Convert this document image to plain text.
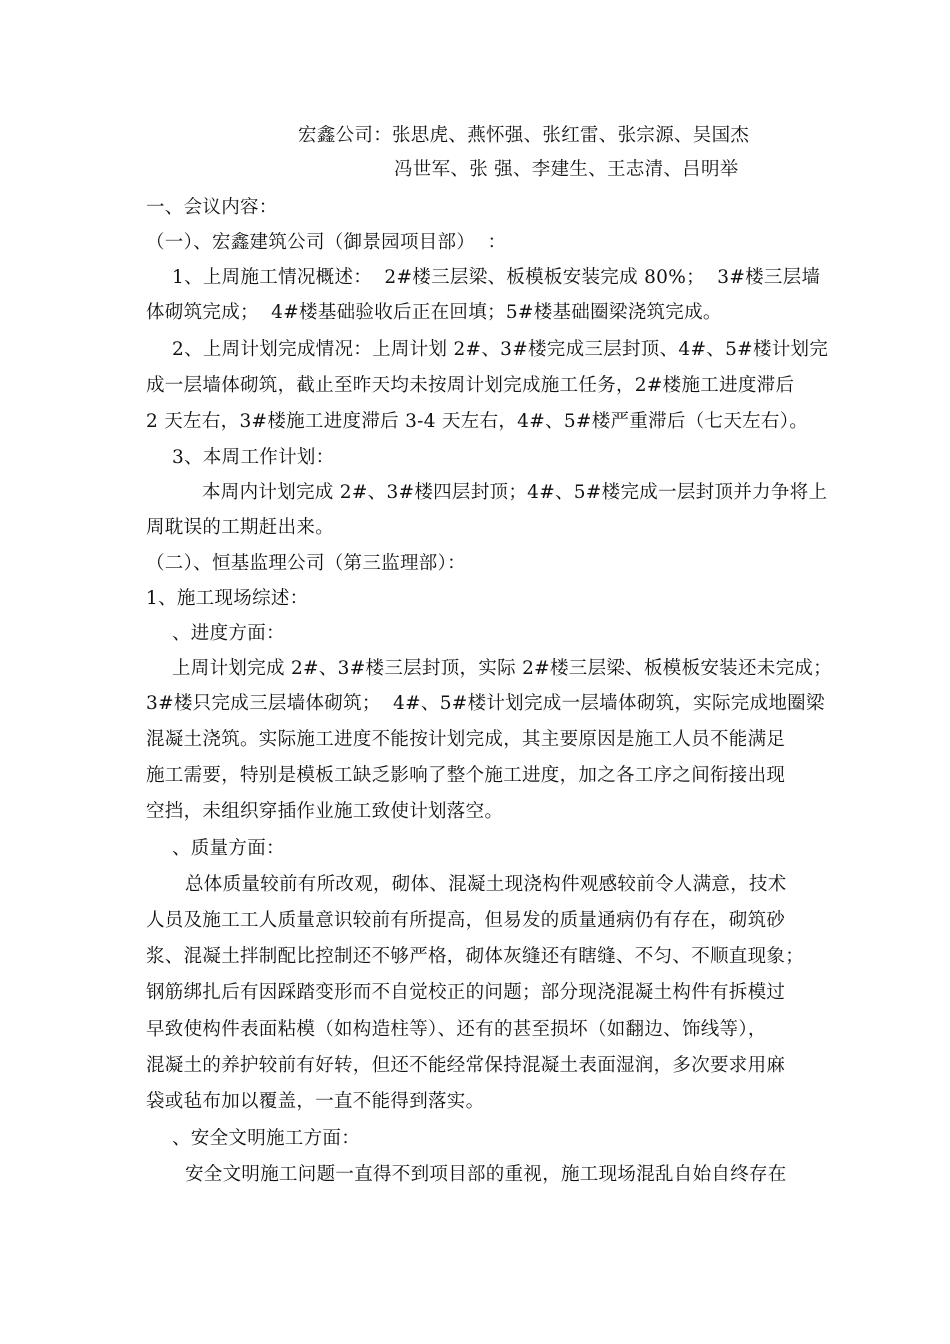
宏鑫公司：张思虎、燕怀强、张红雷、张宗源、吴国杰
冯世军、张 强、李建生、王志清、吕明举
一、会议内容：
（一）、宏鑫建筑公司（御景园项目部）  ：
1、上周施工情况概述：  2#楼三层梁、板模板安装完成 80%；  3#楼三层墙
体砌筑完成；  4#楼基础验收后正在回填；5#楼基础圈梁浇筑完成。
2、上周计划完成情况：上周计划 2#、3#楼完成三层封顶、4#、5#楼计划完
成一层墙体砌筑，截止至昨天均未按周计划完成施工任务，2#楼施工进度滞后
2 天左右，3#楼施工进度滞后 3-4 天左右，4#、5#楼严重滞后（七天左右）。
3、本周工作计划：
本周内计划完成 2#、3#楼四层封顶；4#、5#楼完成一层封顶并力争将上
周耽误的工期赶出来。
（二）、恒基监理公司（第三监理部）：
1、施工现场综述：
、进度方面：
上周计划完成 2#、3#楼三层封顶，实际 2#楼三层梁、板模板安装还未完成；
3#楼只完成三层墙体砌筑；  4#、5#楼计划完成一层墙体砌筑，实际完成地圈梁
混凝土浇筑。实际施工进度不能按计划完成，其主要原因是施工人员不能满足
施工需要，特别是模板工缺乏影响了整个施工进度，加之各工序之间衔接出现
空挡，未组织穿插作业施工致使计划落空。
、质量方面：
总体质量较前有所改观，砌体、混凝土现浇构件观感较前令人满意，技术
人员及施工工人质量意识较前有所提高，但易发的质量通病仍有存在，砌筑砂
浆、混凝土拌制配比控制还不够严格，砌体灰缝还有瞎缝、不匀、不顺直现象；
钢筋绑扎后有因踩踏变形而不自觉校正的问题；部分现浇混凝土构件有拆模过
早致使构件表面粘模（如构造柱等）、还有的甚至损坏（如翻边、饰线等），
混凝土的养护较前有好转，但还不能经常保持混凝土表面湿润，多次要求用麻
袋或毡布加以覆盖，一直不能得到落实。
、安全文明施工方面：
安全文明施工问题一直得不到项目部的重视，施工现场混乱自始自终存在
